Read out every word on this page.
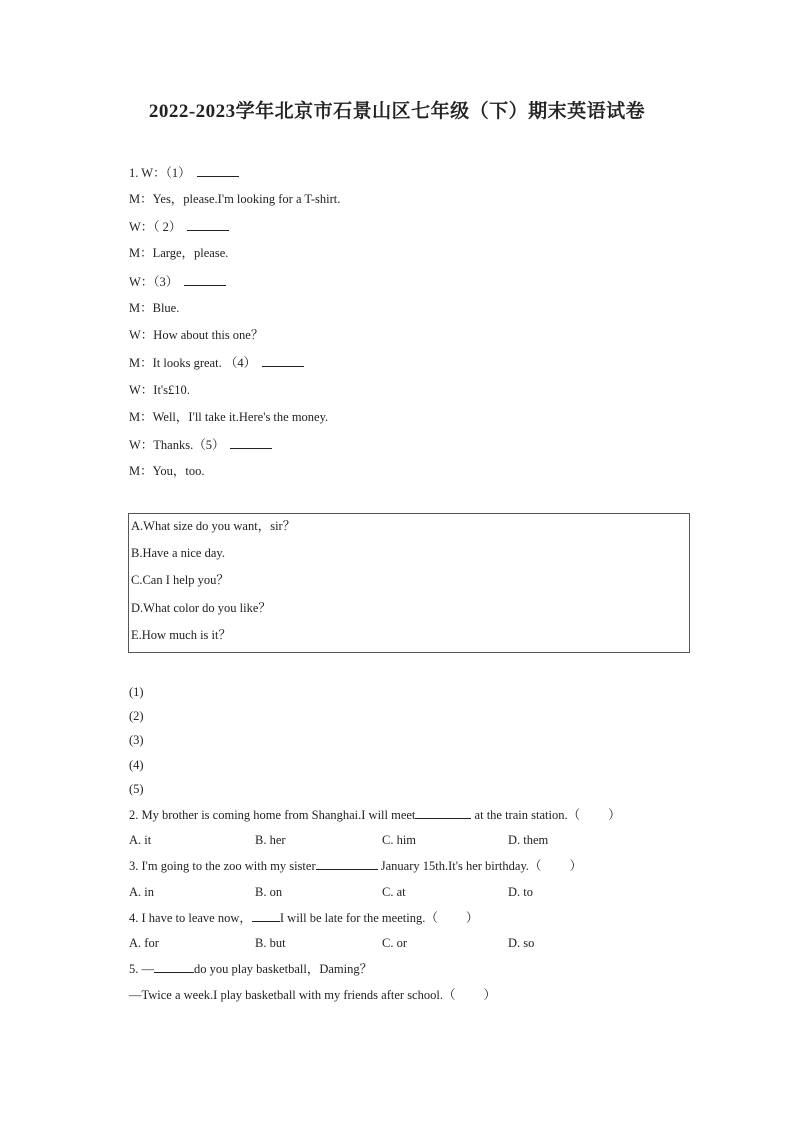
2022-2023学年北京市石景山区七年级（下）期末英语试卷
1. W：（1）
M：Yes，please.I'm looking for a T-shirt.
W：（ 2）
M：Large，please.
W：（3）
M：Blue.
W：How about this one？
M：It looks great. （4）
W：It's£10.
M：Well，I'll take it.Here's the money.
W：Thanks.（5）
M：You，too.
A.What size do you want，sir？
B.Have a nice day.
C.Can I help you？
D.What color do you like？
E.How much is it？
(1)
(2)
(3)
(4)
(5)
2. My brother is coming home from Shanghai.I will meet	at the train station.（ ）
A. it	B. her	C. him	D. them
3. I'm going to the zoo with my sister	January 15th.It's her birthday.（ ）
A. in	B. on	C. at	D. to
4. I have to leave now， I will be late for the meeting.（ ）
A. for	B. but	C. or	D. so
5. —	do you play basketball，Daming？
—Twice a week.I play basketball with my friends after school.（ ）
